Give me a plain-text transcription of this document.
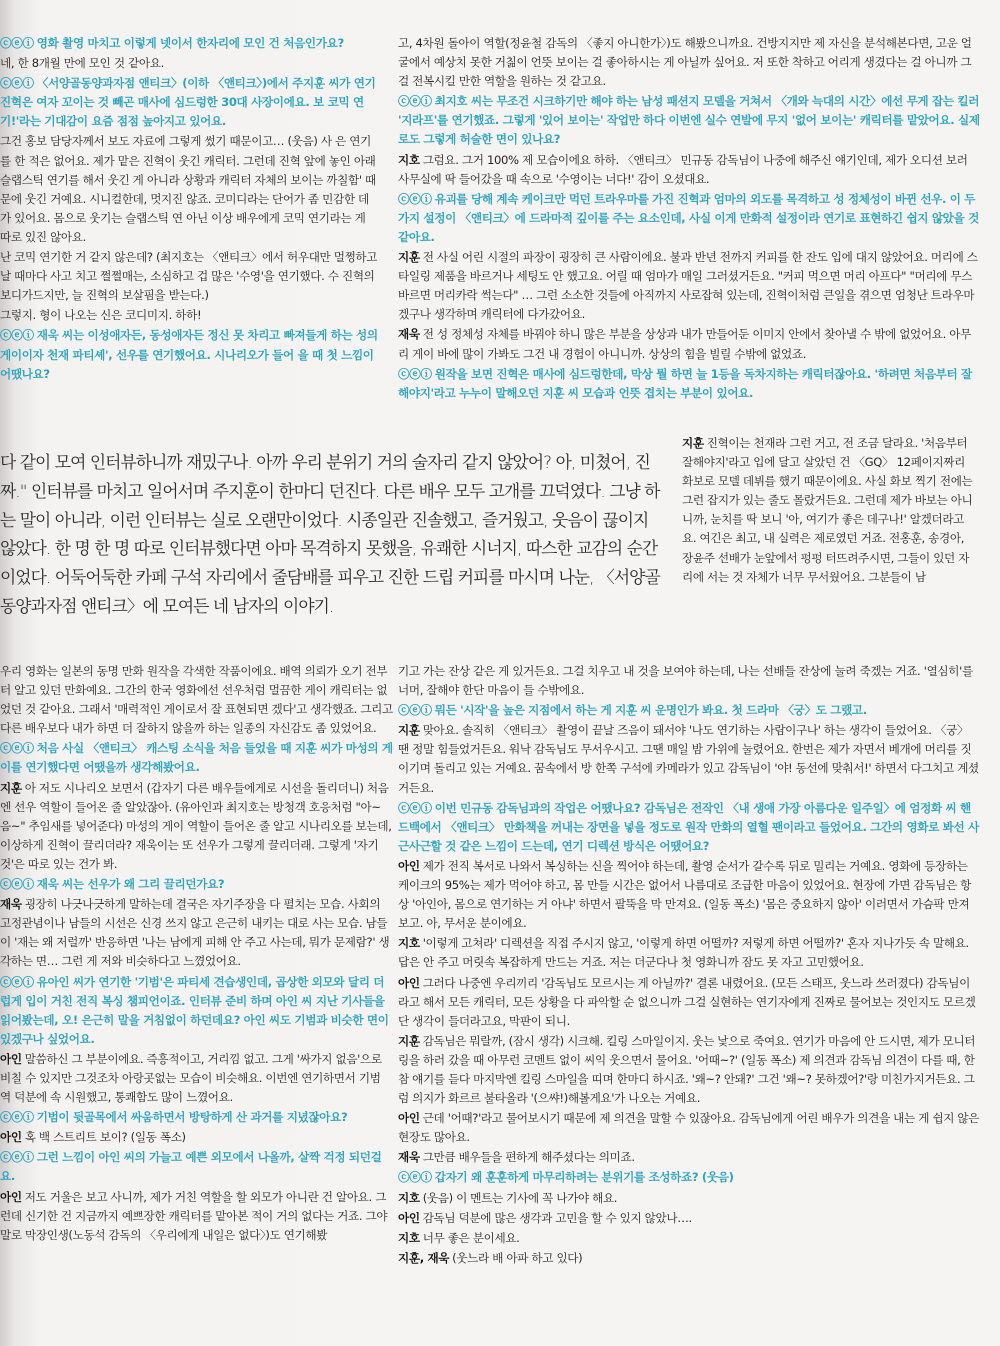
ⓒⓔⓘ 영화 촬영 마치고 이렇게 넷이서 한자리에 모인 건 처음인가요?

네, 한 8개월 만에 모인 것 같아요.

ⓒⓔⓘ 〈서양골동양과자점 앤티크〉(이하 〈앤티크〉)에서 주지훈 씨가 연기 진혁은 여자 꼬이는 것 빼곤 매사에 심드렁한 30대 사장이에요. 보 코믹 연기!'라는 기대감이 요즘 점점 높아지고 있어요.

그건 홍보 담당자께서 보도 자료에 그렇게 썼기 때문이고… (웃음) 사 은 연기를 한 적은 없어요. 제가 맡은 진혁이 웃긴 캐릭터. 그런데 진혁 앞에 놓인 아래 슬랩스틱 연기를 해서 웃긴 게 아니라 상황과 캐릭터 자체의 보이는 까칠함' 때문에 웃긴 거예요. 시니컬한데, 멋지진 않죠. 코미디라는 단어가 좀 민감한 데가 있어요. 몸으로 웃기는 슬랩스틱 연 아닌 이상 배우에게 코믹 연기라는 게 따로 있진 않아요.

난 코믹 연기한 거 같지 않은데? (최지호는 〈앤티크〉에서 허우대만 멀쩡하고 날 때마다 사고 치고 쩔쩔매는, 소심하고 겁 많은 '수영'을 연기했다. 수 진혁의 보디가드지만, 늘 진혁의 보살핌을 받는다.)

그렇지. 형이 나오는 신은 코디미지. 하하!

ⓒⓔⓘ 재욱 씨는 이성애자든, 동성애자든 정신 못 차리고 빠져들게 하는 성의 게이이자 천재 파티셰', 선우를 연기했어요. 시나리오가 들어 을 때 첫 느낌이 어땠나요?

고, 4차원 돌아이 역할(정윤철 감독의 〈좋지 아니한가〉)도 해봤으니까요. 건방지지만 제 자신을 분석해본다면, 고운 얼굴에서 예상치 못한 거칢이 언뜻 보이는 걸 좋아하시는 게 아닐까 싶어요. 저 또한 착하고 어리게 생겼다는 걸 아니까 그걸 전복시킬 만한 역할을 원하는 것 같고요.

ⓒⓔⓘ 최지호 씨는 무조건 시크하기만 해야 하는 남성 패션지 모델을 거쳐서 〈개와 늑대의 시간〉에선 무게 잡는 킬러 '지라프'를 연기했죠. 그렇게 '있어 보이는' 작업만 하다 이번엔 실수 연발에 무지 '없어 보이는' 캐릭터를 맡았어요. 실제로도 그렇게 허술한 면이 있나요?

지호 그럼요. 그거 100% 제 모습이에요 하하. 〈앤티크〉 민규동 감독님이 나중에 해주신 얘기인데, 제가 오디션 보러 사무실에 딱 들어갔을 때 속으로 '수영이는 너다!' 감이 오셨대요.

ⓒⓔⓘ 유괴를 당해 계속 케이크만 먹던 트라우마를 가진 진혁과 엄마의 외도를 목격하고 성 정체성이 바뀐 선우. 이 두 가지 설정이 〈앤티크〉에 드라마적 깊이를 주는 요소인데, 사실 이게 만화적 설정이라 연기로 표현하긴 쉽지 않았을 것 같아요.

지훈 전 사실 어린 시절의 파장이 굉장히 큰 사람이에요. 불과 반년 전까지 커피를 한 잔도 입에 대지 않았어요. 머리에 스타일링 제품을 바르거나 세팅도 안 했고요. 어릴 때 엄마가 매일 그러셨거든요. "커피 먹으면 머리 아프다" "머리에 무스 바르면 머리카락 썩는다" … 그런 소소한 것들에 아직까지 사로잡혀 있는데, 진혁이처럼 큰일을 겪으면 엄청난 트라우마겠구나 생각하며 캐릭터에 다가갔어요.

재욱 전 성 정체성 자체를 바꿔야 하니 많은 부분을 상상과 내가 만들어둔 이미지 안에서 찾아낼 수 밖에 없었어요. 아무리 게이 바에 많이 가봐도 그건 내 경험이 아니니까. 상상의 힘을 빌릴 수밖에 없었죠.

ⓒⓔⓘ 원작을 보면 진혁은 매사에 심드렁한데, 막상 뭘 하면 늘 1등을 독차지하는 캐릭터잖아요. '하려면 처음부터 잘해야지'라고 누누이 말해오던 지훈 씨 모습과 언뜻 겹치는 부분이 있어요.

다 같이 모여 인터뷰하니까 재밌구나. 아까 우리 분위기 거의 술자리 같지 않았어? 아, 미쳤어, 진짜." 인터뷰를 마치고 일어서며 주지훈이 한마디 던진다. 다른 배우 모두 고개를 끄덕였다. 그냥 하는 말이 아니라, 이런 인터뷰는 실로 오랜만이었다. 시종일관 진솔했고, 즐거웠고, 웃음이 끊이지 않았다. 한 명 한 명 따로 인터뷰했다면 아마 목격하지 못했을, 유쾌한 시너지, 따스한 교감의 순간이었다. 어둑어둑한 카페 구석 자리에서 줄담배를 피우고 진한 드립 커피를 마시며 나눈, 〈서양골동양과자점 앤티크〉에 모여든 네 남자의 이야기.

지훈 진혁이는 천재라 그런 거고, 전 조금 달라요. '처음부터 잘해야지'라고 입에 달고 살았던 건 〈GQ〉 12페이지짜리 화보로 모델 데뷔를 했기 때문이에요. 사실 화보 찍기 전에는 그런 잡지가 있는 줄도 몰랐거든요. 그런데 제가 바보는 아니니까, 눈치를 딱 보니 '아, 여기가 좋은 데구나!' 알겠더라고요. 여긴은 최고, 내 실력은 제로였던 거죠. 전홍훈, 송경아, 장윤주 선배가 눈앞에서 펑펑 터뜨려주시면, 그들이 있던 자리에 서는 것 자체가 너무 무서웠어요. 그분들이 남

우리 영화는 일본의 동명 만화 원작을 각색한 작품이에요. 배역 의뢰가 오기 전부터 알고 있던 만화예요. 그간의 한국 영화에선 선우처럼 멀끔한 게이 캐릭터는 없었던 것 같아요. 그래서 '매력적인 게이로서 잘 표현되면 겠다'고 생각했죠. 그리고 다른 배우보다 내가 하면 더 잘하지 않을까 하는 일종의 자신감도 좀 있었어요.

ⓒⓔⓘ 처음 사실 〈앤티크〉 캐스팅 소식을 처음 들었을 때 지훈 씨가 마성의 게이를 연기했다면 어땠을까 생각해봤어요.

지훈 아 저도 시나리오 보면서 (갑자기 다른 배우들에게로 시선을 돌리더니) 처음엔 선우 역할이 들어온 줄 알았잖아. (유아인과 최지호는 방청객 호응처럼 "아~ 음~" 추임새를 넣어준다) 마성의 게이 역할이 들어온 줄 알고 시나리오를 보는데, 이상하게 진혁이 끌리더라? 재욱이는 또 선우가 그렇게 끌리더래. 그렇게 '자기 것'은 따로 있는 건가 봐.

ⓒⓔⓘ 재욱 씨는 선우가 왜 그리 끌리던가요?

재욱 굉장히 나긋나긋하게 말하는데 결국은 자기주장을 다 펼치는 모습. 사회의 고정관념이나 남들의 시선은 신경 쓰지 않고 은근히 내키는 대로 사는 모습. 남들이 '재는 왜 저럴까' 반응하면 '나는 남에게 피해 안 주고 사는데, 뭐가 문제람?' 생각하는 면… 그런 게 저와 비슷하다고 느꼈었어요.

ⓒⓔⓘ 유아인 씨가 연기한 '기범'은 파티세 견습생인데, 곱상한 외모와 달리 더럽게 입이 거친 전직 복싱 챔피언이죠. 인터뷰 준비 하며 아인 씨 지난 기사들을 읽어봤는데, 오! 은근히 말을 거침없이 하던데요? 아인 씨도 기범과 비슷한 면이 있겠구나 싶었어요.

아인 말씀하신 그 부분이에요. 즉흥적이고, 거리낌 없고. 그게 '싸가지 없음'으로 비칠 수 있지만 그것조차 아랑곳없는 모습이 비슷해요. 이번엔 연기하면서 기범 역 덕분에 속 시원했고, 통쾌함도 많이 느꼈어요.

ⓒⓔⓘ 기범이 뒷골목에서 싸움하면서 방탕하게 산 과거를 지녔잖아요?

아인 혹 백 스트리트 보이? (일동 폭소)

ⓒⓔⓘ 그런 느낌이 아인 씨의 가늘고 예쁜 외모에서 나올까, 살짝 걱정 되던걸요.

아인 저도 거울은 보고 사니까, 제가 거친 역할을 할 외모가 아니란 건 알아요. 그런데 신기한 건 지금까지 예쁘장한 캐릭터를 맡아본 적이 거의 없다는 거죠. 그야말로 막장인생(노동석 감독의 〈우리에게 내일은 없다〉)도 연기해봤

기고 가는 잔상 같은 게 있거든요. 그걸 치우고 내 것을 보여야 하는데, 나는 선배들 잔상에 눌려 죽겠는 거죠. '열심히'를 너머, 잘해야 한단 마음이 들 수밖에요.

ⓒⓔⓘ 뭐든 '시작'을 높은 지점에서 하는 게 지훈 씨 운명인가 봐요. 첫 드라마 〈궁〉도 그랬고.

지훈 맞아요. 솔직히 〈앤티크〉 촬영이 끝날 즈음이 돼서야 '나도 연기하는 사람이구나' 하는 생각이 들었어요. 〈궁〉 땐 정말 힘들었거든요. 워낙 감독님도 무서우시고. 그땐 매일 밤 가위에 눌렸어요. 한번은 제가 자면서 베개에 머리를 짓이기며 돌리고 있는 거예요. 꿈속에서 방 한쪽 구석에 카메라가 있고 감독님이 '야! 동선에 맞춰서!' 하면서 다그치고 계셨거든요.

ⓒⓔⓘ 이번 민규동 감독님과의 작업은 어땠나요? 감독님은 전작인 〈내 생애 가장 아름다운 일주일〉에 엄정화 씨 핸드백에서 〈앤티크〉 만화책을 꺼내는 장면을 넣을 정도로 원작 만화의 열혈 팬이라고 들었어요. 그간의 영화로 봐선 사근사근할 것 같은 느낌이 드는데, 연기 디렉션 방식은 어땠어요?

아인 제가 전직 복서로 나와서 복싱하는 신을 찍어야 하는데, 촬영 순서가 갈수록 뒤로 밀리는 거예요. 영화에 등장하는 케이크의 95%는 제가 먹어야 하고, 몸 만들 시간은 없어서 나름대로 조급한 마음이 있었어요. 현장에 가면 감독님은 항상 '아인아, 몸으로 연기하는 거 아냐' 하면서 팔뚝을 막 만져요. (일동 폭소) '몸은 중요하지 않아' 이러면서 가슴팍 만져보고. 아, 무서운 분이에요.

지호 '이렇게 고쳐라' 디렉션을 직접 주시지 않고, '이렇게 하면 어떨까? 저렇게 하면 어떨까?' 혼자 지나가듯 속 말해요. 답은 안 주고 머릿속 복잡하게 만드는 거죠. 저는 더군다나 첫 영화니까 잠도 못 자고 고민했어요.

아인 그러다 나중엔 우리끼리 '감독님도 모르시는 게 아닐까?' 결론 내렸어요. (모든 스태프, 웃느라 쓰러졌다) 감독님이라고 해서 모든 캐릭터, 모든 상황을 다 파악할 순 없으니까 그걸 실현하는 연기자에게 진짜로 물어보는 것인지도 모르겠단 생각이 들더라고요, 막판이 되니.

지훈 감독님은 뭐랄까, (잠시 생각) 시크해. 킬링 스마일이지. 웃는 낯으로 죽여요. 연기가 마음에 안 드시면, 제가 모니터링을 하러 갔을 때 아무런 코멘트 없이 씨익 웃으면서 물어요. '어때~?' (일동 폭소) 제 의견과 감독님 의견이 다를 때, 한참 얘기를 듣다 마지막엔 킬링 스마일을 띠며 한마디 하시죠. '왜~? 안돼?' 그건 '왜~? 못하겠어?'랑 미친가지거든요. 그럼 의지가 화르르 불타올라 '(으쌰!)해볼게요'가 나오는 거예요.

아인 근데 '어때?'라고 물어보시기 때문에 제 의견을 말할 수 있잖아요. 감독님에게 어린 배우가 의견을 내는 게 쉽지 않은 현장도 많아요.

재욱 그만큼 배우들을 편하게 해주셨다는 의미죠.

ⓒⓔⓘ 갑자기 왜 훈훈하게 마무리하려는 분위기를 조성하죠? (웃음)

지호 (웃음) 이 멘트는 기사에 꼭 나가야 해요.

아인 감독님 덕분에 많은 생각과 고민을 할 수 있지 않았나….

지호 너무 좋은 분이세요.

지훈, 재욱 (웃느라 배 아파 하고 있다)
